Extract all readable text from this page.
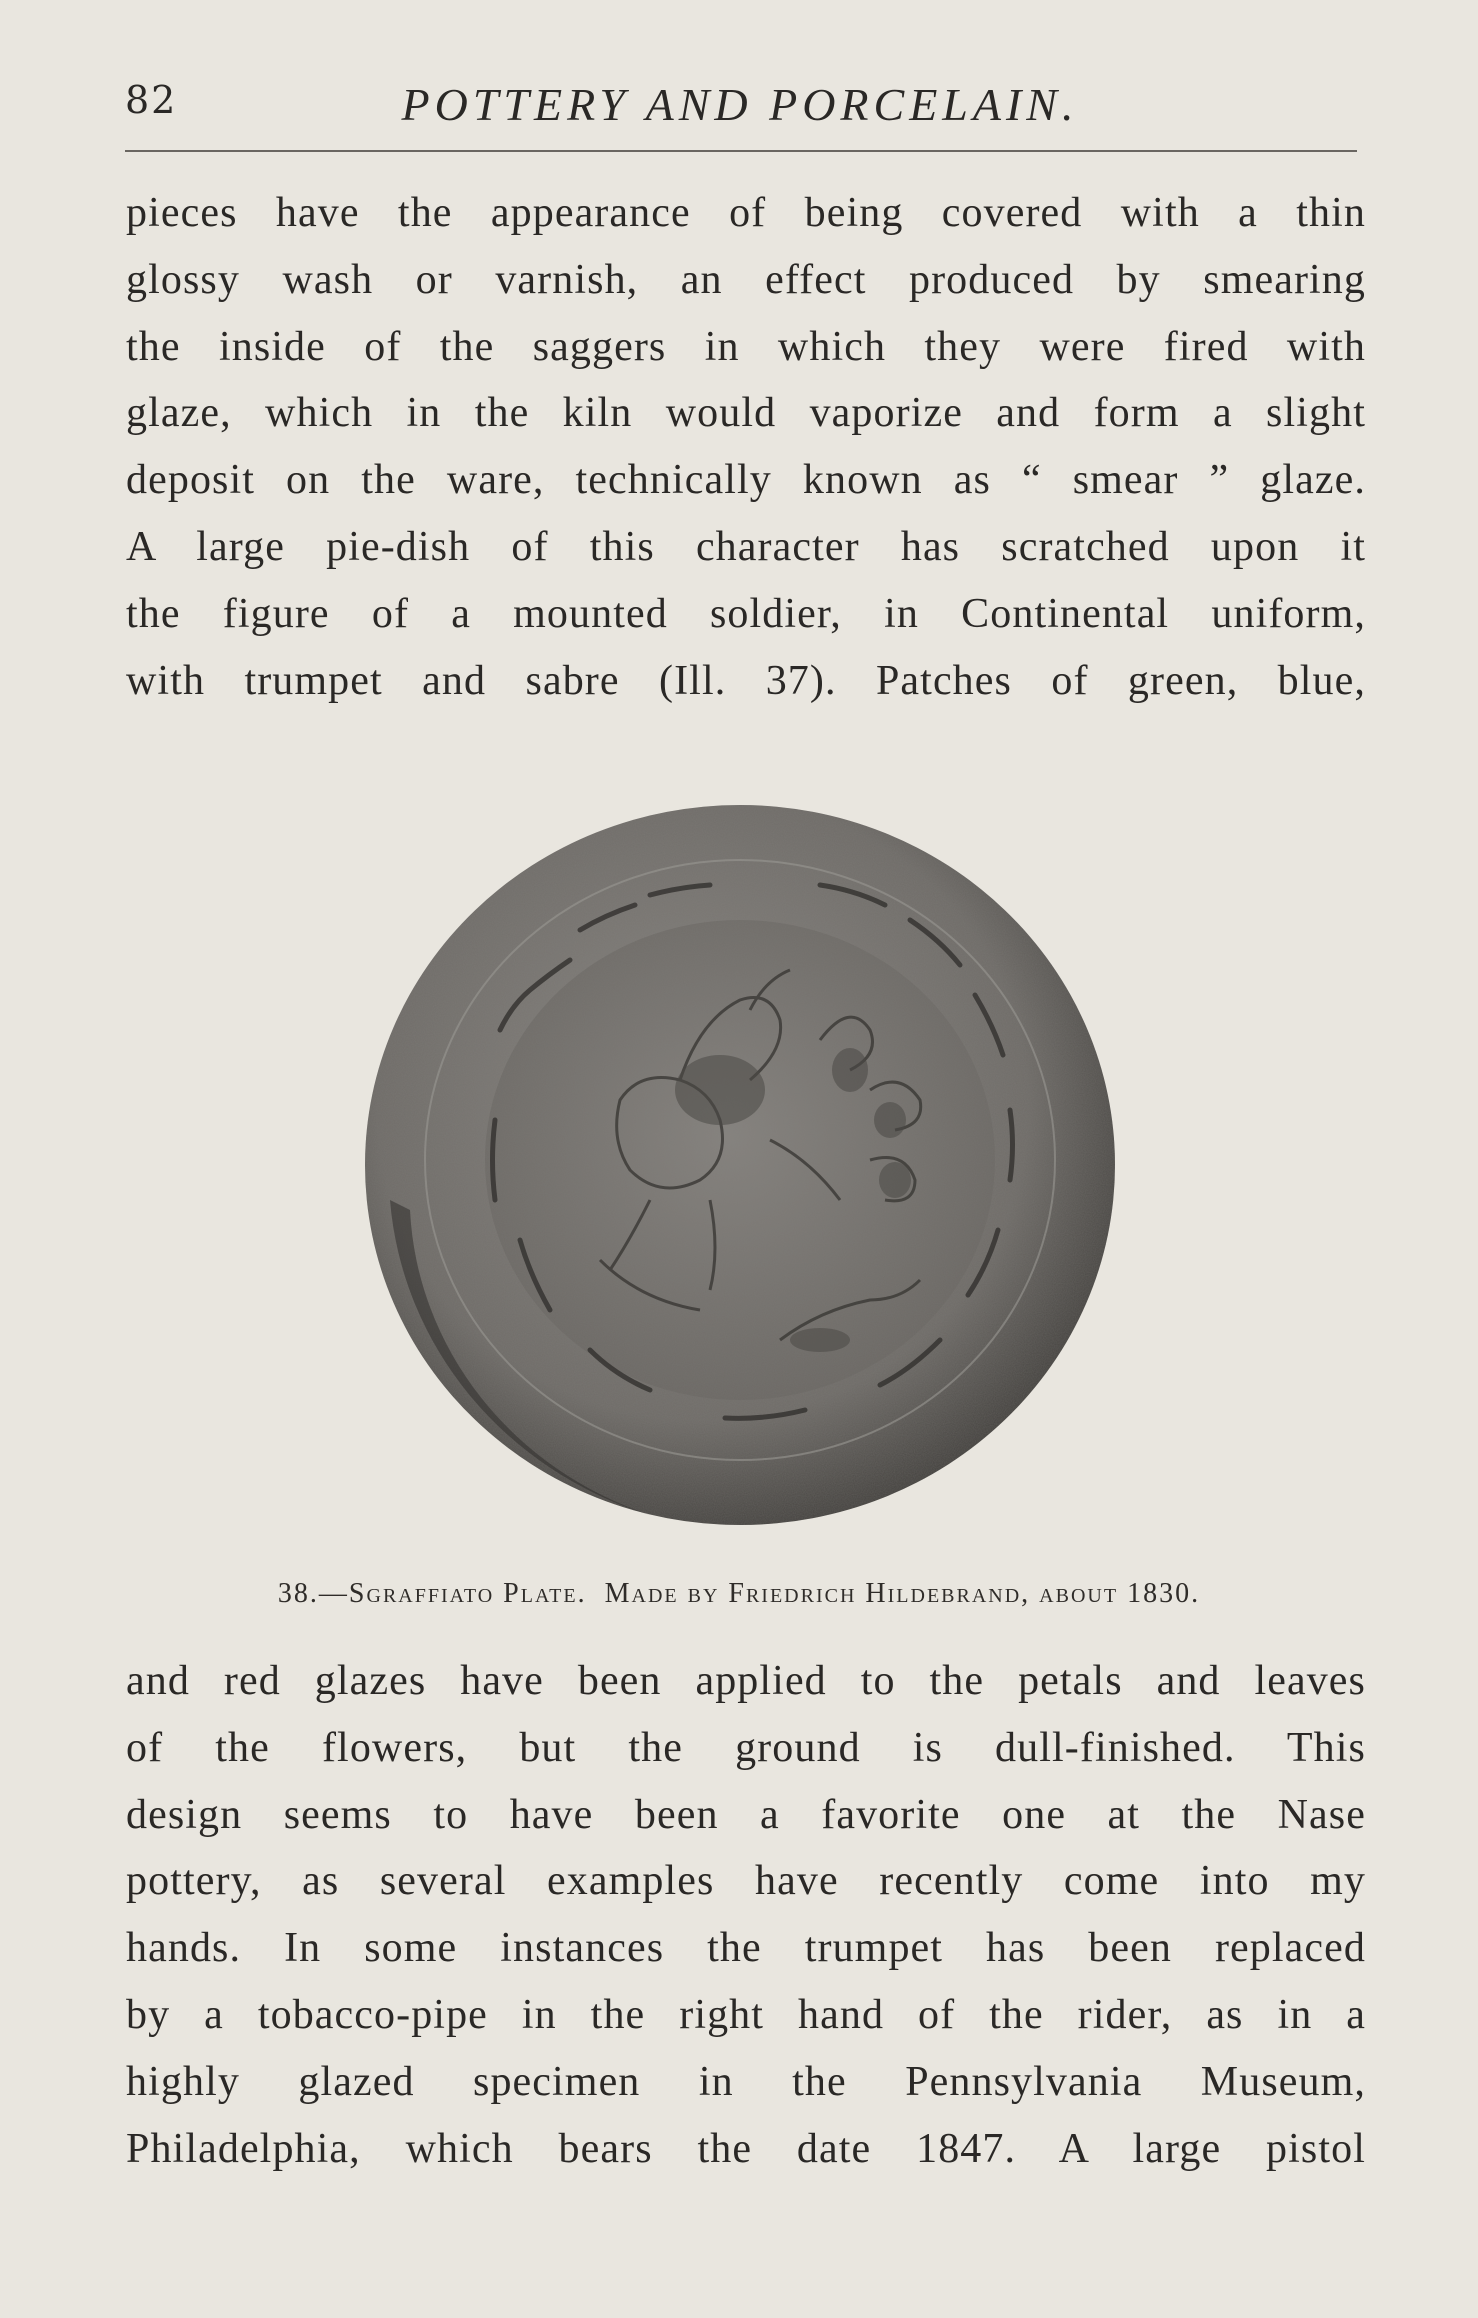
82	POTTERY AND PORCELAIN.
pieces have the appearance of being covered with a thin
glossy wash or varnish, an effect produced by smearing
the inside of the saggers in which they were fired with
glaze, which in the kiln would vaporize and form a slight
deposit on the ware, technically known as “ smear ” glaze.
A large pie-dish of this character has scratched upon it
the figure of a mounted soldier, in Continental uniform,
with trumpet and sabre (Ill. 37). Patches of green, blue,
38.—Sgraffiato Plate. Made by Friedrich Hildebrand, about 1830.
and red glazes have been applied to the petals and leaves
of the flowers, but the ground is dull-finished. This
design seems to have been a favorite one at the Nase
pottery, as several examples have recently come into my
hands. In some instances the trumpet has been replaced
by a tobacco-pipe in the right hand of the rider, as in a
highly glazed specimen in the Pennsylvania Museum,
Philadelphia, which bears the date 1847. A large pistol
